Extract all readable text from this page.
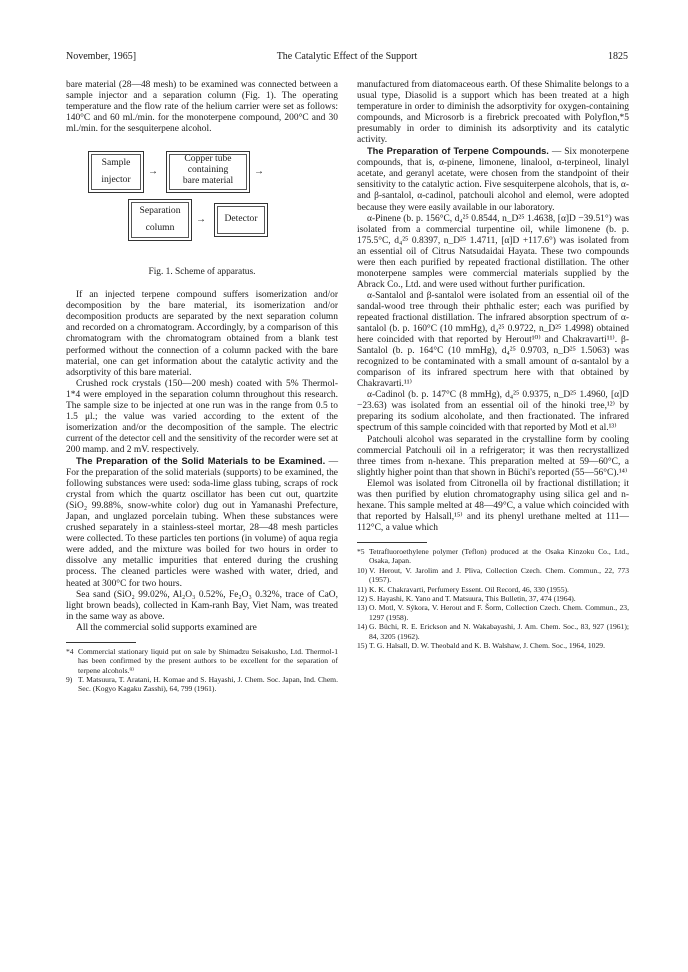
November, 1965]	The Catalytic Effect of the Support	1825

bare material (28—48 mesh) to be examined was connected between a sample injector and a separation column (Fig. 1). The operating temperature and the flow rate of the helium carrier were set as follows: 140°C and 60 ml./min. for the monoterpene compound, 200°C and 30 ml./min. for the sesquiterpene alcohol.

Sample
injector
→
Copper tube
containing
bare material
→
Separation
column
→	Detector
Fig. 1. Scheme of apparatus.

If an injected terpene compound suffers isomerization and/or decomposition by the bare material, its isomerization and/or decomposition products are separated by the next separation column and recorded on a chromatogram. Accordingly, by a comparison of this chromatogram with the chromatogram obtained from a blank test performed without the connection of a column packed with the bare material, one can get information about the catalytic activity and the adsorptivity of this bare material.

Crushed rock crystals (150—200 mesh) coated with 5% Thermol-1*4 were employed in the separation column throughout this research. The sample size to be injected at one run was in the range from 0.5 to 1.5 μl.; the value was varied according to the extent of the isomerization and/or the decomposition of the sample. The electric current of the detector cell and the sensitivity of the recorder were set at 200 mamp. and 2 mV. respectively.

The Preparation of the Solid Materials to be Examined. — For the preparation of the solid materials (supports) to be examined, the following substances were used: soda-lime glass tubing, scraps of rock crystal from which the quartz oscillator has been cut out, quartzite (SiO₂ 99.88%, snow-white color) dug out in Yamanashi Prefecture, Japan, and unglazed porcelain tubing. When these substances were crushed separately in a stainless-steel mortar, 28—48 mesh particles were collected. To these particles ten portions (in volume) of aqua regia were added, and the mixture was boiled for two hours in order to dissolve any metallic impurities that entered during the crushing process. The cleaned particles were washed with water, dried, and heated at 300°C for two hours.

Sea sand (SiO₂ 99.02%, Al₂O₃ 0.52%, Fe₂O₃ 0.32%, trace of CaO, light brown beads), collected in Kam-ranh Bay, Viet Nam, was treated in the same way as above.

All the commercial solid supports examined are

*4 Commercial stationary liquid put on sale by Shimadzu Seisakusho, Ltd. Thermol-1 has been confirmed by the present authors to be excellent for the separation of terpene alcohols.⁹⁾

9) T. Matsuura, T. Aratani, H. Komae and S. Hayashi, J. Chem. Soc. Japan, Ind. Chem. Sec. (Kogyo Kagaku Zasshi), 64, 799 (1961).

manufactured from diatomaceous earth. Of these Shimalite belongs to a usual type, Diasolid is a support which has been treated at a high temperature in order to diminish the adsorptivity for oxygen-containing compounds, and Microsorb is a firebrick precoated with Polyflon,*5 presumably in order to diminish its adsorptivity and its catalytic activity.

The Preparation of Terpene Compounds. — Six monoterpene compounds, that is, α-pinene, limonene, linalool, α-terpineol, linalyl acetate, and geranyl acetate, were chosen from the standpoint of their sensitivity to the catalytic action. Five sesquiterpene alcohols, that is, α- and β-santalol, α-cadinol, patchouli alcohol and elemol, were adopted because they were easily available in our laboratory.

α-Pinene (b. p. 156°C, d₄²⁵ 0.8544, n_D²⁵ 1.4638, [α]D −39.51°) was isolated from a commercial turpentine oil, while limonene (b. p. 175.5°C, d₄²⁵ 0.8397, n_D²⁵ 1.4711, [α]D +117.6°) was isolated from an essential oil of Citrus Natsudaidai Hayata. These two compounds were then each purified by repeated fractional distillation. The other monoterpene samples were commercial materials supplied by the Abrack Co., Ltd. and were used without further purification.

α-Santalol and β-santalol were isolated from an essential oil of the sandal-wood tree through their phthalic ester; each was purified by repeated fractional distillation. The infrared absorption spectrum of α-santalol (b. p. 160°C (10 mmHg), d₄²⁵ 0.9722, n_D²⁵ 1.4998) obtained here coincided with that reported by Herout¹⁰⁾ and Chakravarti¹¹⁾. β-Santalol (b. p. 164°C (10 mmHg), d₄²⁵ 0.9703, n_D²⁵ 1.5063) was recognized to be contaminated with a small amount of α-santalol by a comparison of its infrared spectrum here with that obtained by Chakravarti.¹¹⁾

α-Cadinol (b. p. 147°C (8 mmHg), d₄²⁵ 0.9375, n_D²⁵ 1.4960, [α]D −23.63) was isolated from an essential oil of the hinoki tree,¹²⁾ by preparing its sodium alcoholate, and then fractionated. The infrared spectrum of this sample coincided with that reported by Motl et al.¹³⁾

Patchouli alcohol was separated in the crystalline form by cooling commercial Patchouli oil in a refrigerator; it was then recrystallized three times from n-hexane. This preparation melted at 59—60°C, a slightly higher point than that shown in Büchi's reported (55—56°C).¹⁴⁾

Elemol was isolated from Citronella oil by fractional distillation; it was then purified by elution chromatography using silica gel and n-hexane. This sample melted at 48—49°C, a value which coincided with that reported by Halsall,¹⁵⁾ and its phenyl urethane melted at 111—112°C, a value which

*5 Tetrafluoroethylene polymer (Teflon) produced at the Osaka Kinzoku Co., Ltd., Osaka, Japan.

10) V. Herout, V. Jarolim and J. Pliva, Collection Czech. Chem. Commun., 22, 773 (1957).

11) K. K. Chakravarti, Perfumery Essent. Oil Record, 46, 330 (1955).

12) S. Hayashi, K. Yano and T. Matsuura, This Bulletin, 37, 474 (1964).

13) O. Motl, V. Sýkora, V. Herout and F. Šorm, Collection Czech. Chem. Commun., 23, 1297 (1958).

14) G. Büchi, R. E. Erickson and N. Wakabayashi, J. Am. Chem. Soc., 83, 927 (1961); 84, 3205 (1962).

15) T. G. Halsall, D. W. Theobald and K. B. Walshaw, J. Chem. Soc., 1964, 1029.
